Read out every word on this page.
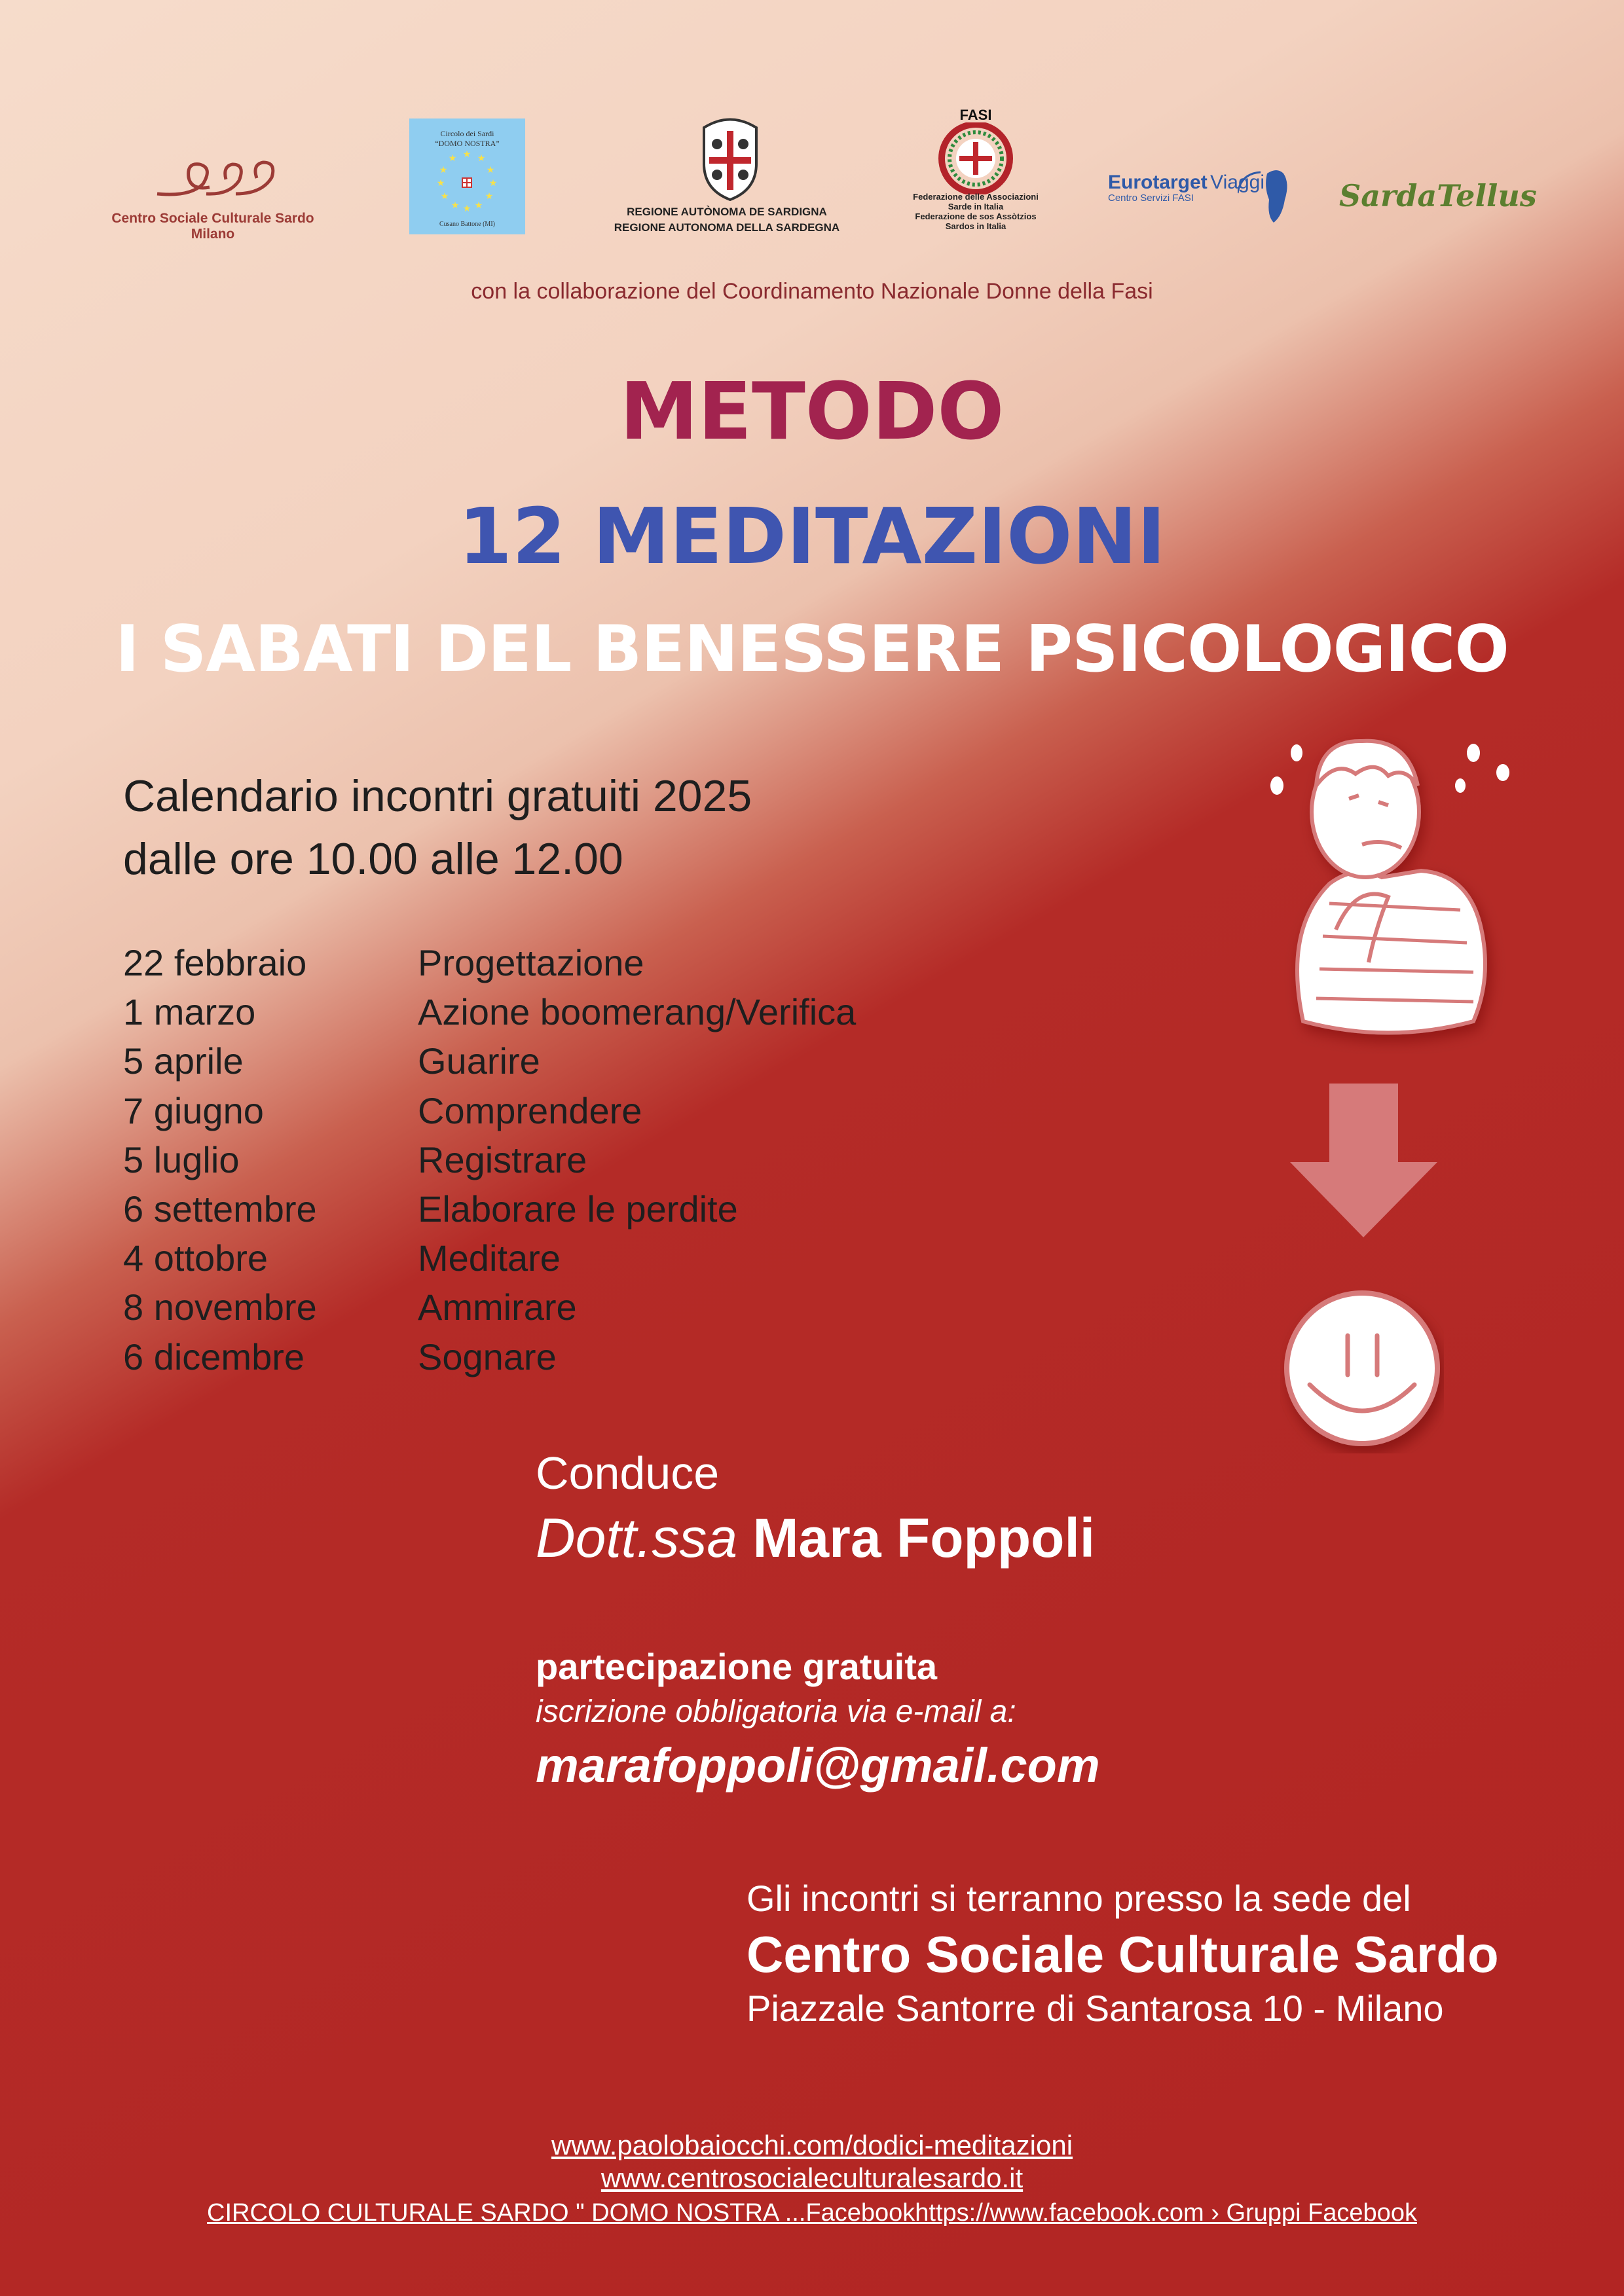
Centro Sociale Culturale Sardo
Milano
Circolo dei Sardi
“DOMO NOSTRA”
★ ★
★
★
★
★
★
★
★
★
★
★
Cusano Battone (MI)
REGIONE AUTÒNOMA DE SARDIGNA
REGIONE AUTONOMA DELLA SARDEGNA
FASI
Federazione delle Associazioni
Sarde in Italia
Federazione de sos Assòtzios
Sardos in Italia
Eurotarget Viaggi
Centro Servizi FASI	SardaTellus
con la collaborazione del Coordinamento Nazionale Donne della Fasi
METODO
12 MEDITAZIONI
I SABATI DEL BENESSERE PSICOLOGICO
Calendario incontri gratuiti 2025
dalle ore 10.00 alle 12.00
22 febbraio	Progettazione
1 marzo	Azione boomerang/Verifica
5 aprile	Guarire
7 giugno	Comprendere
5 luglio	Registrare
6 settembre	Elaborare le perdite
4 ottobre	Meditare
8 novembre	Ammirare
6 dicembre	Sognare
Conduce
Dott.ssa Mara Foppoli
partecipazione gratuita
iscrizione obbligatoria via e-mail a:
marafoppoli@gmail.com
Gli incontri si terranno presso la sede del
Centro Sociale Culturale Sardo
Piazzale Santorre di Santarosa 10 - Milano
www.paolobaiocchi.com/dodici-meditazioni
www.centrosocialeculturalesardo.it
CIRCOLO CULTURALE SARDO " DOMO NOSTRA ...Facebookhttps://www.facebook.com › Gruppi Facebook
